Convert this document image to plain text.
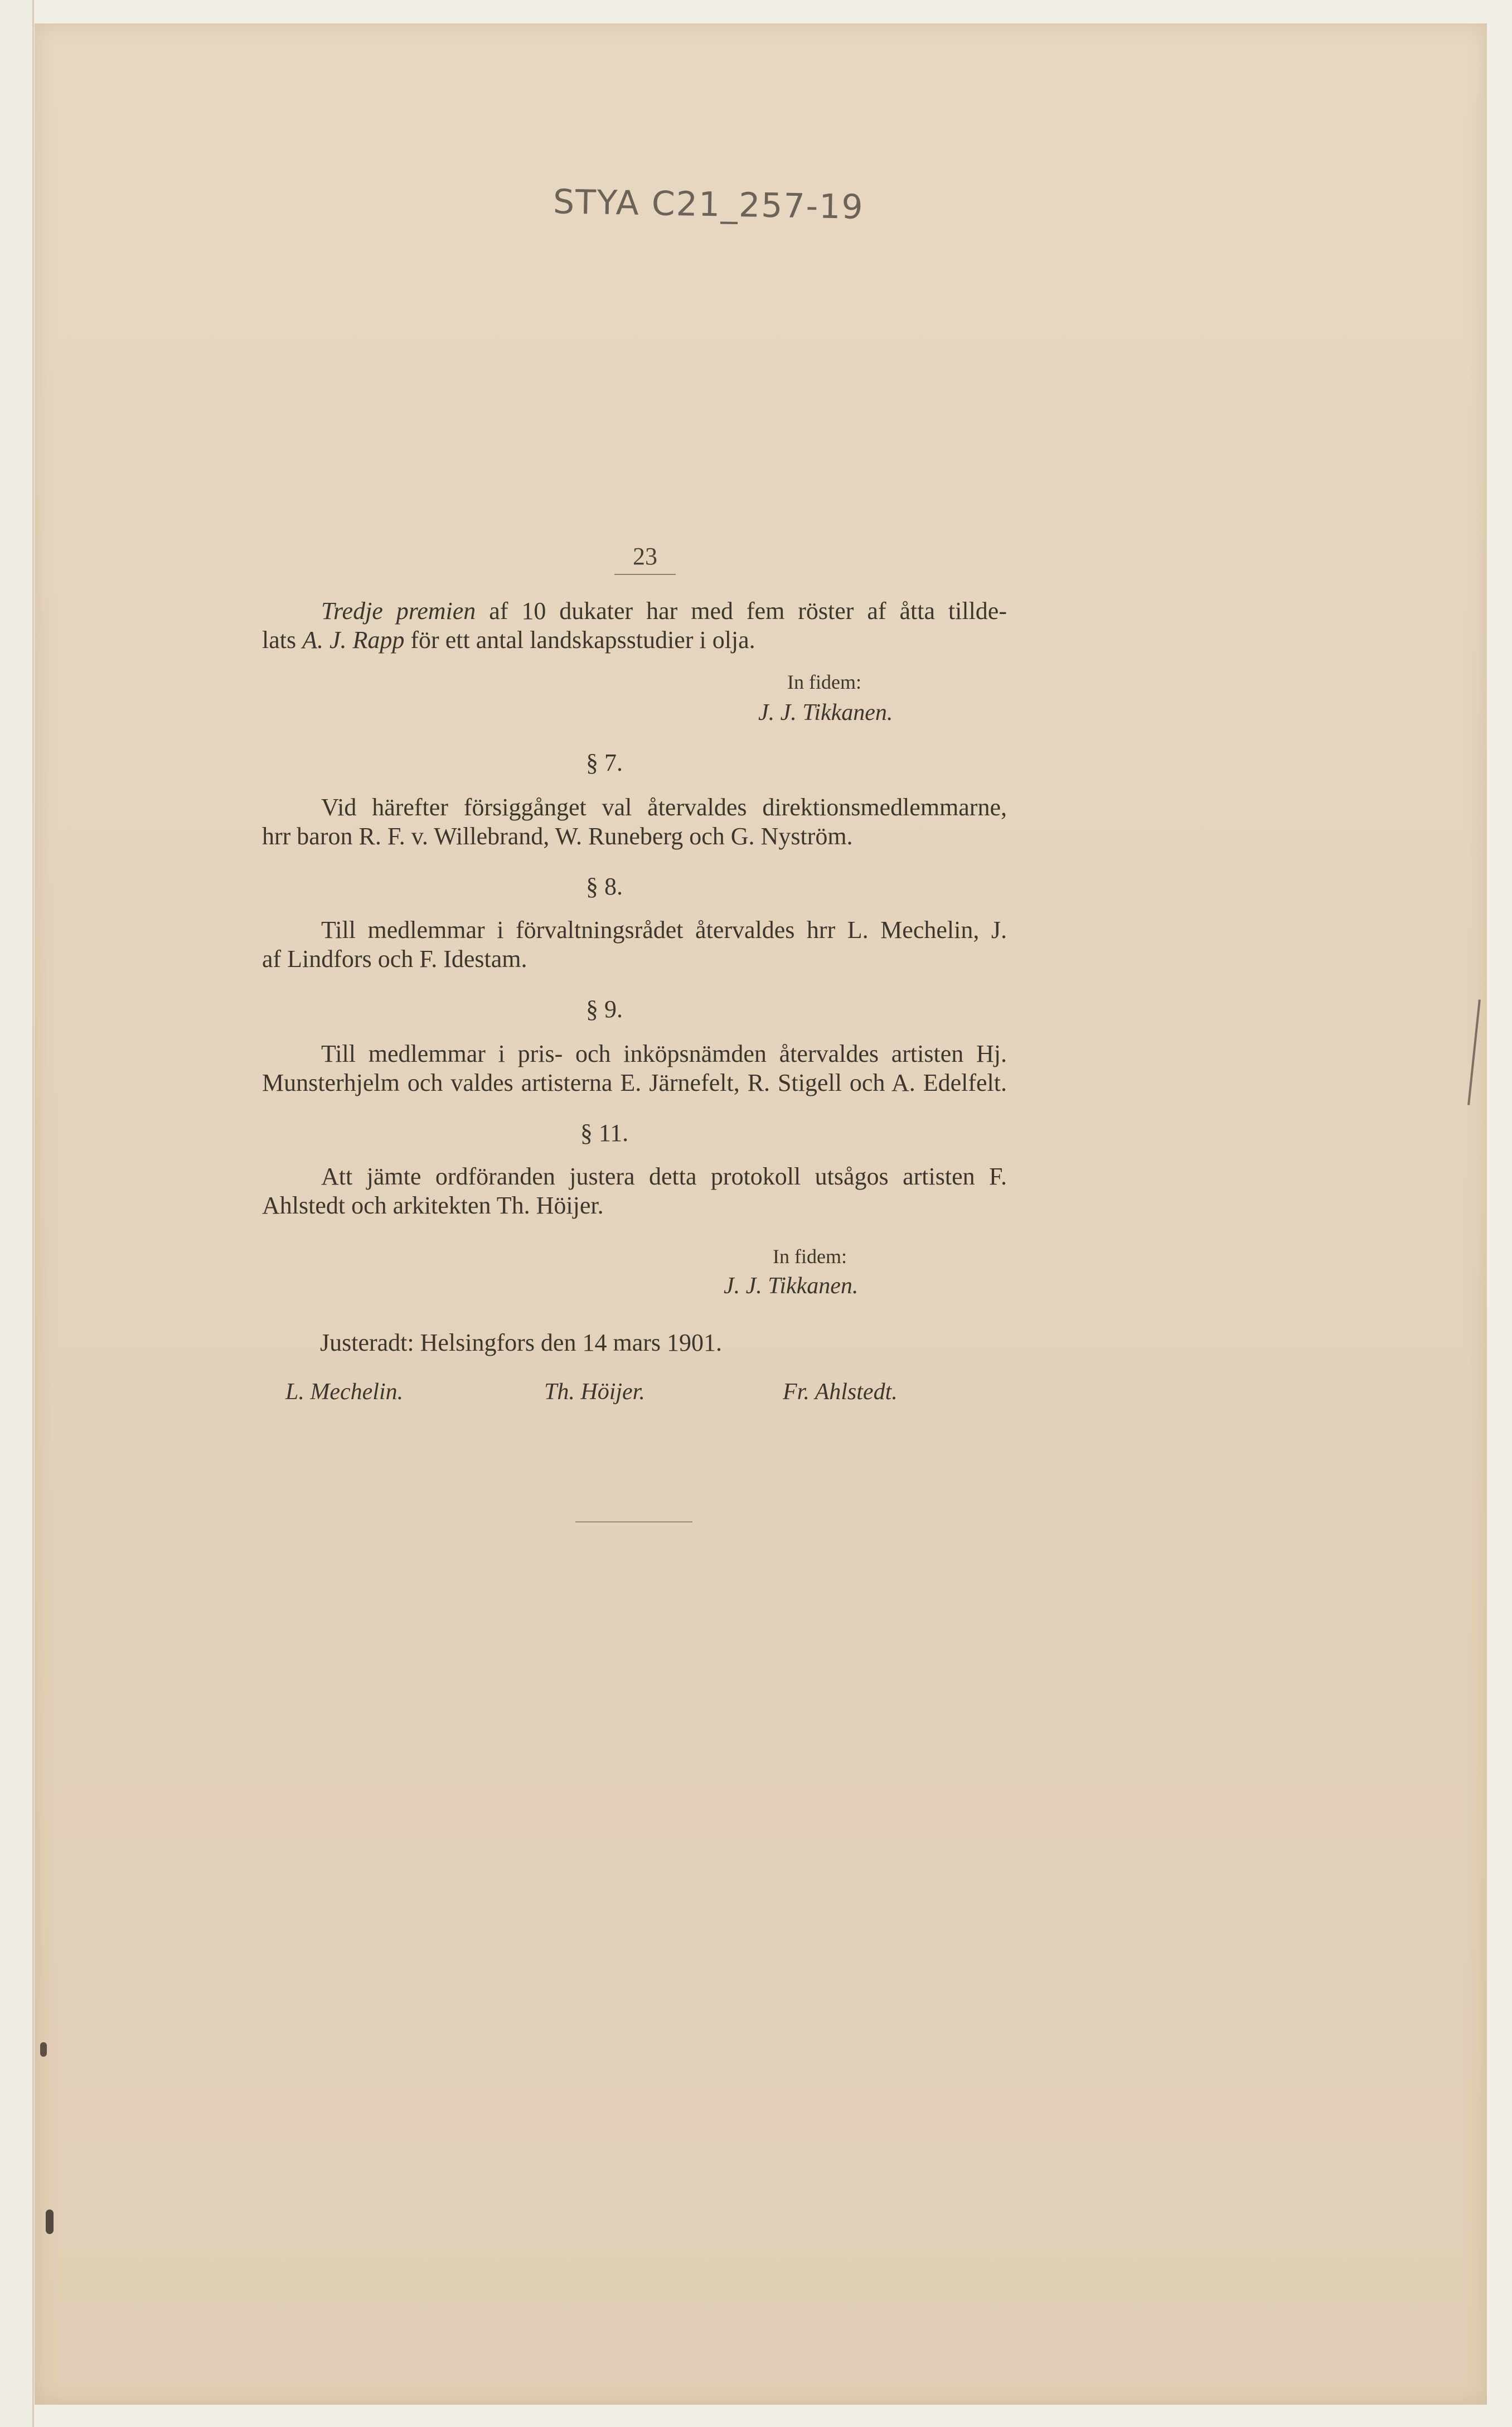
STYA C21_257-19
23
Tredje premien af 10 dukater har med fem röster af åtta tillde-
lats A. J. Rapp för ett antal landskapsstudier i olja.
In fidem:
J. J. Tikkanen.
§ 7.
Vid härefter försiggånget val återvaldes direktionsmedlemmarne,
hrr baron R. F. v. Willebrand, W. Runeberg och G. Nyström.
§ 8.
Till medlemmar i förvaltningsrådet återvaldes hrr L. Mechelin, J.
af Lindfors och F. Idestam.
§ 9.
Till medlemmar i pris- och inköpsnämden återvaldes artisten Hj.
Munsterhjelm och valdes artisterna E. Järnefelt, R. Stigell och A. Edelfelt.
§ 11.
Att jämte ordföranden justera detta protokoll utsågos artisten F.
Ahlstedt och arkitekten Th. Höijer.
In fidem:
J. J. Tikkanen.
Justeradt: Helsingfors den 14 mars 1901.
L. Mechelin.	Th. Höijer.	Fr. Ahlstedt.
